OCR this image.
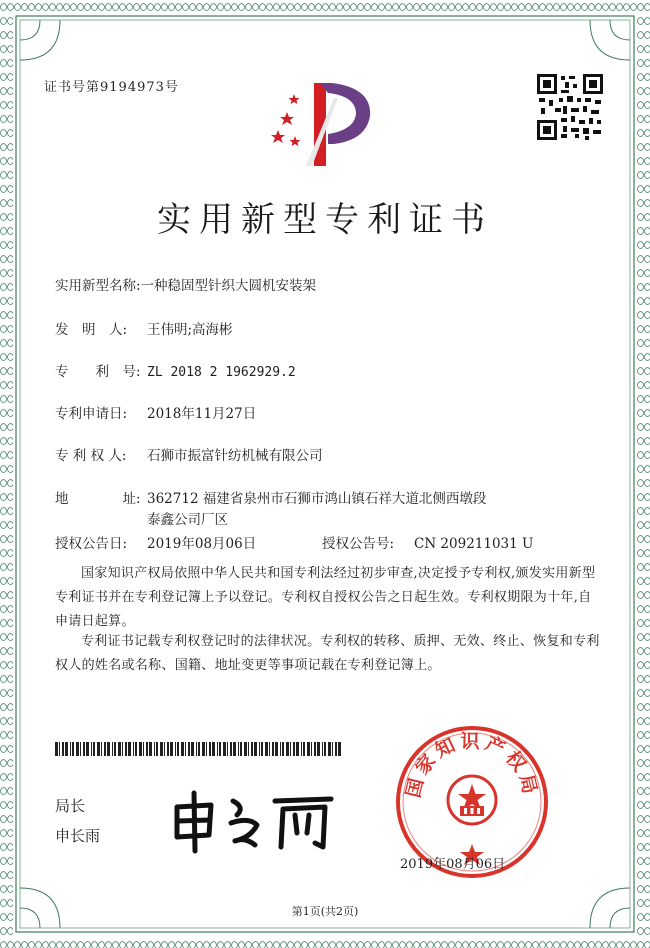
证书号第9194973号
实用新型专利证书
实用新型名称:一种稳固型针织大圆机安装架
发　明　人: 王伟明;高海彬
专　　利　号: ZL 2018 2 1962929.2
专利申请日: 2018年11月27日
专 利 权 人: 石狮市振富针纺机械有限公司
地　　　　址: 362712 福建省泉州市石狮市鸿山镇石祥大道北侧西墩段
泰鑫公司厂区
授权公告日: 2019年08月06日	授权公告号: CN 209211031 U
国家知识产权局依照中华人民共和国专利法经过初步审查,决定授予专利权,颁发实用新型专利证书并在专利登记簿上予以登记。专利权自授权公告之日起生效。专利权期限为十年,自申请日起算。
专利证书记载专利权登记时的法律状况。专利权的转移、质押、无效、终止、恢复和专利权人的姓名或名称、国籍、地址变更等事项记载在专利登记簿上。
局长
申长雨
国家知识产权局
2019年08月06日
第1页(共2页)
